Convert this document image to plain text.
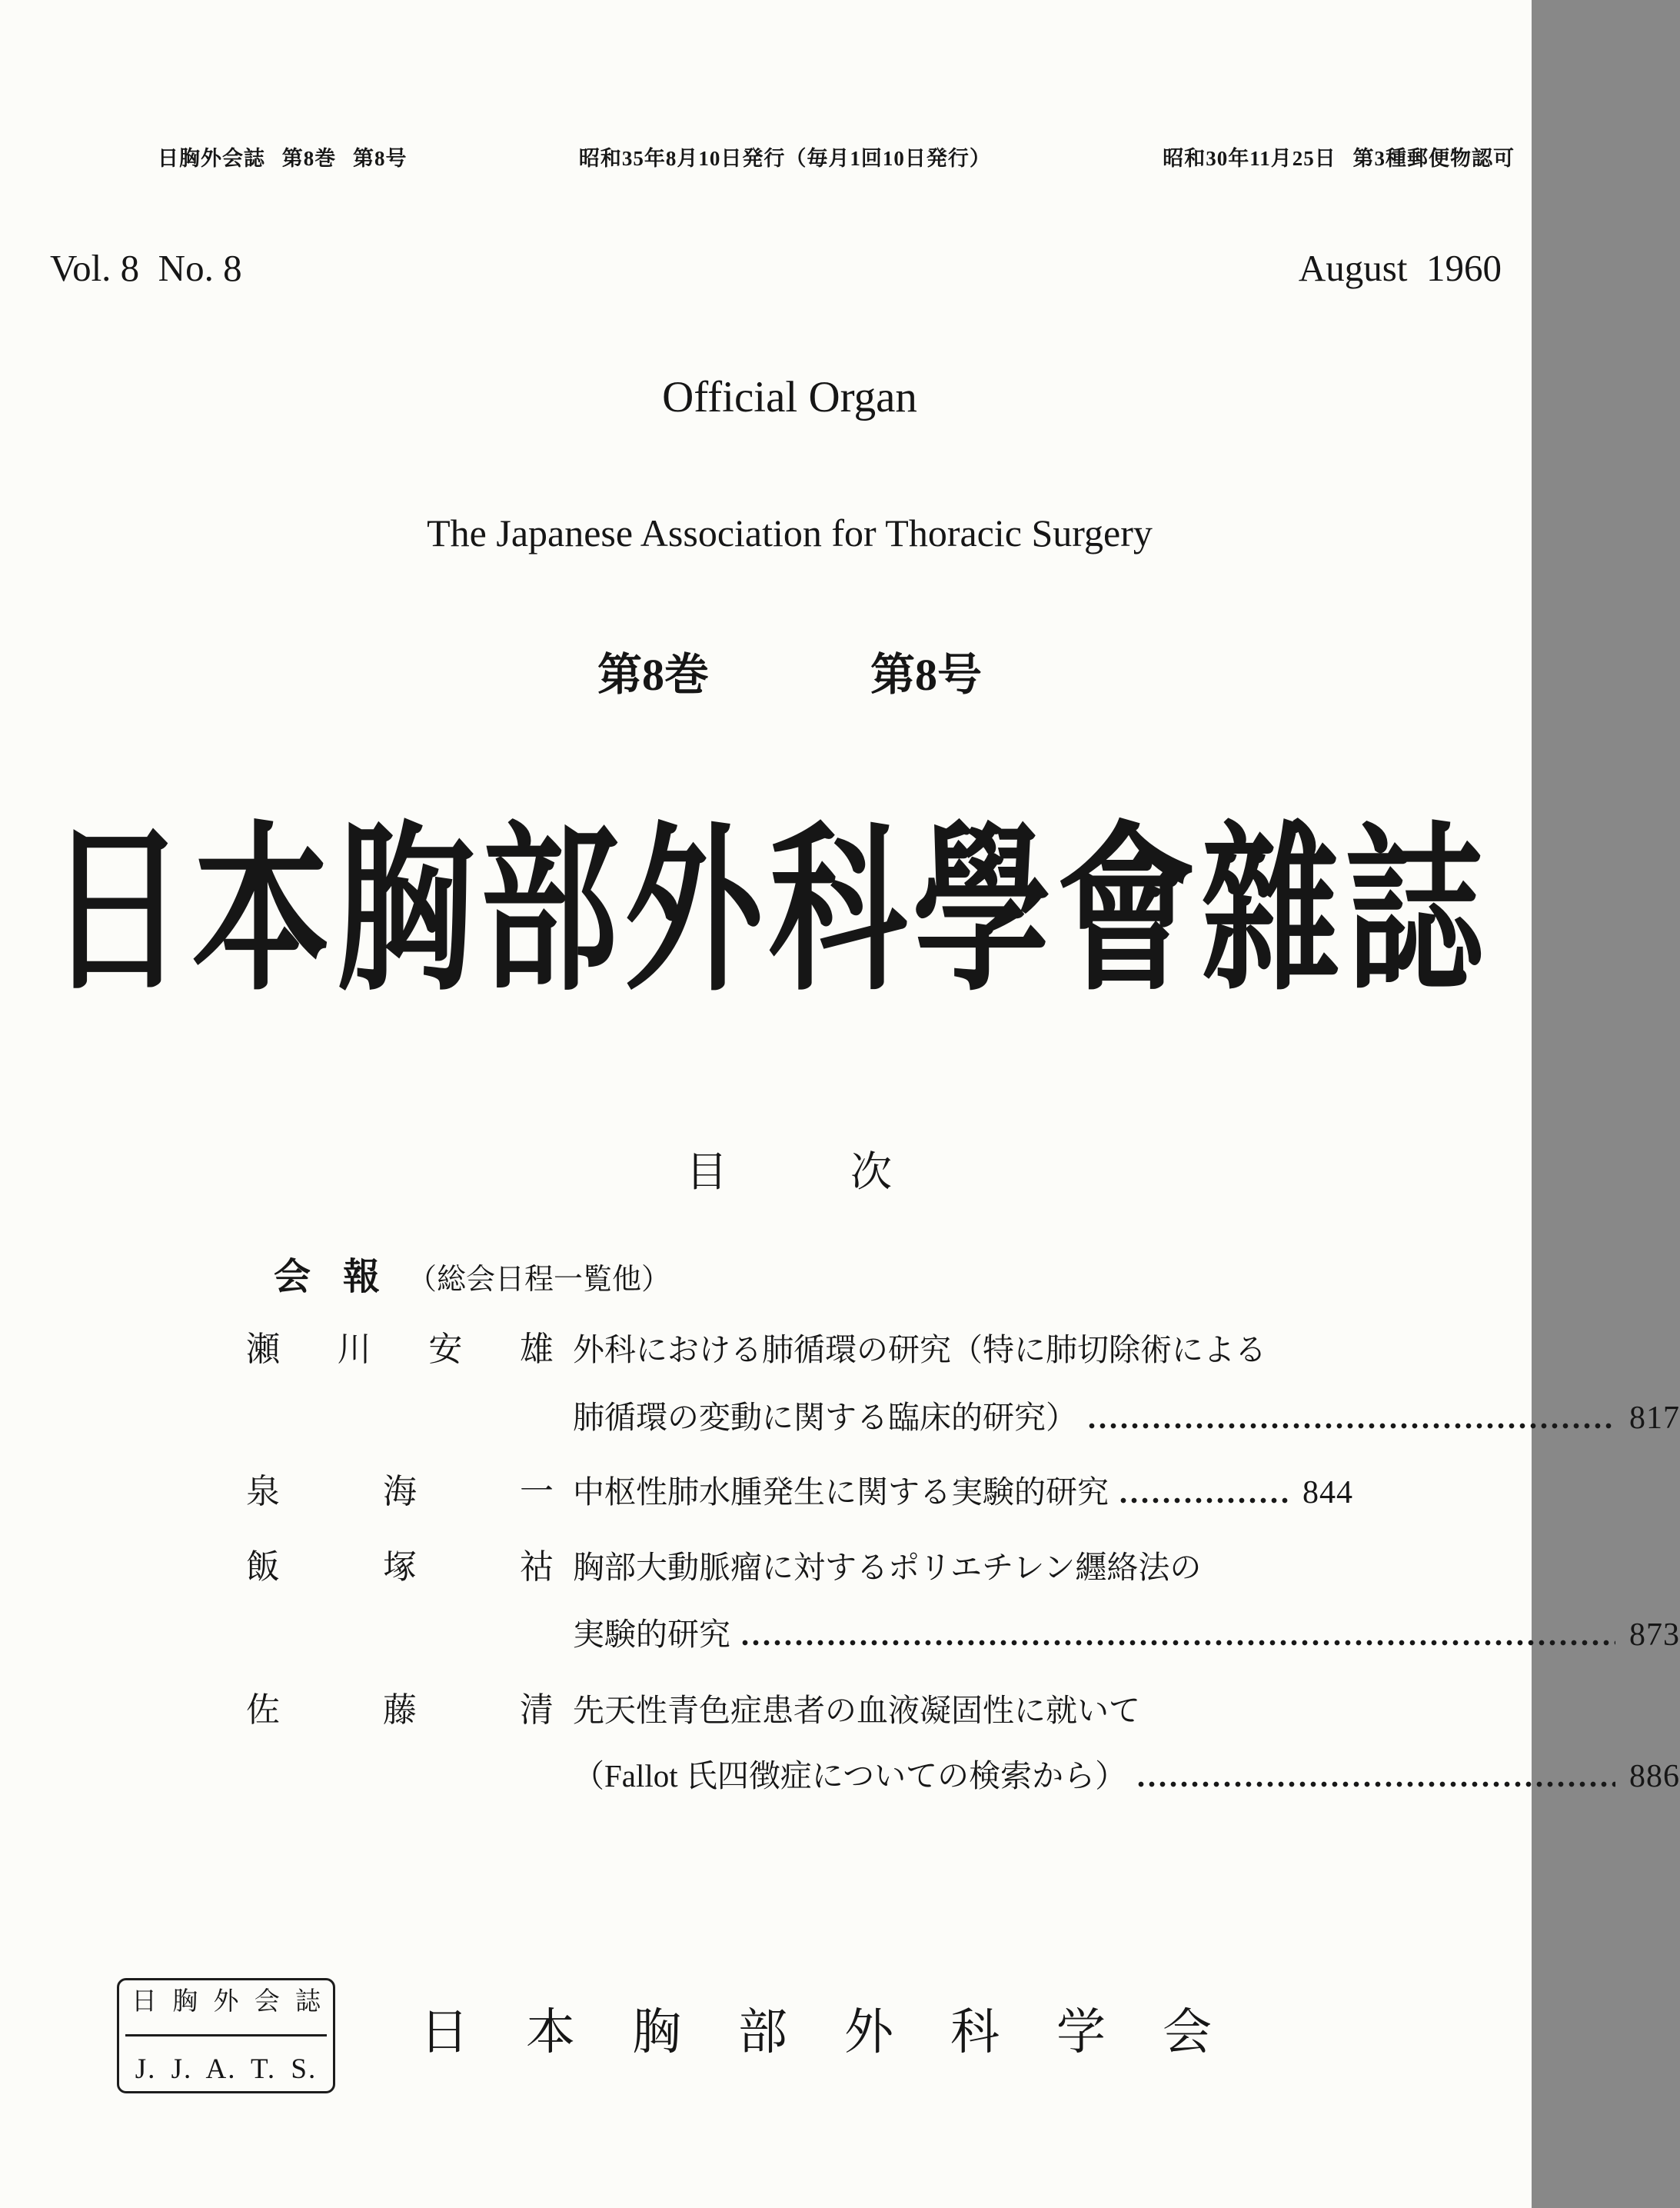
日胸外会誌 第8巻 第8号	昭和35年8月10日発行（毎月1回10日発行）	昭和30年11月25日 第3種郵便物認可
Vol. 8  No. 8	August  1960
Official Organ
The Japanese Association for Thoracic Surgery
第8巻	第8号
日 本 胸 部 外 科 學 會 雜 誌
目	次
会 報 （総会日程一覧他）
瀬 川 安 雄 外科における肺循環の研究（特に肺切除術による
肺循環の変動に関する臨床的研究）	817
泉	海	一 中枢性肺水腫発生に関する実験的研究	844
飯	塚	祜 胸部大動脈瘤に対するポリエチレン纒絡法の
実験的研究	873
佐	藤	清 先天性青色症患者の血液凝固性に就いて
（Fallot 氏四徴症についての検索から）	886
日 胸 外 会 誌
J. J. A. T. S.
日 本 胸 部 外 科 学 会
